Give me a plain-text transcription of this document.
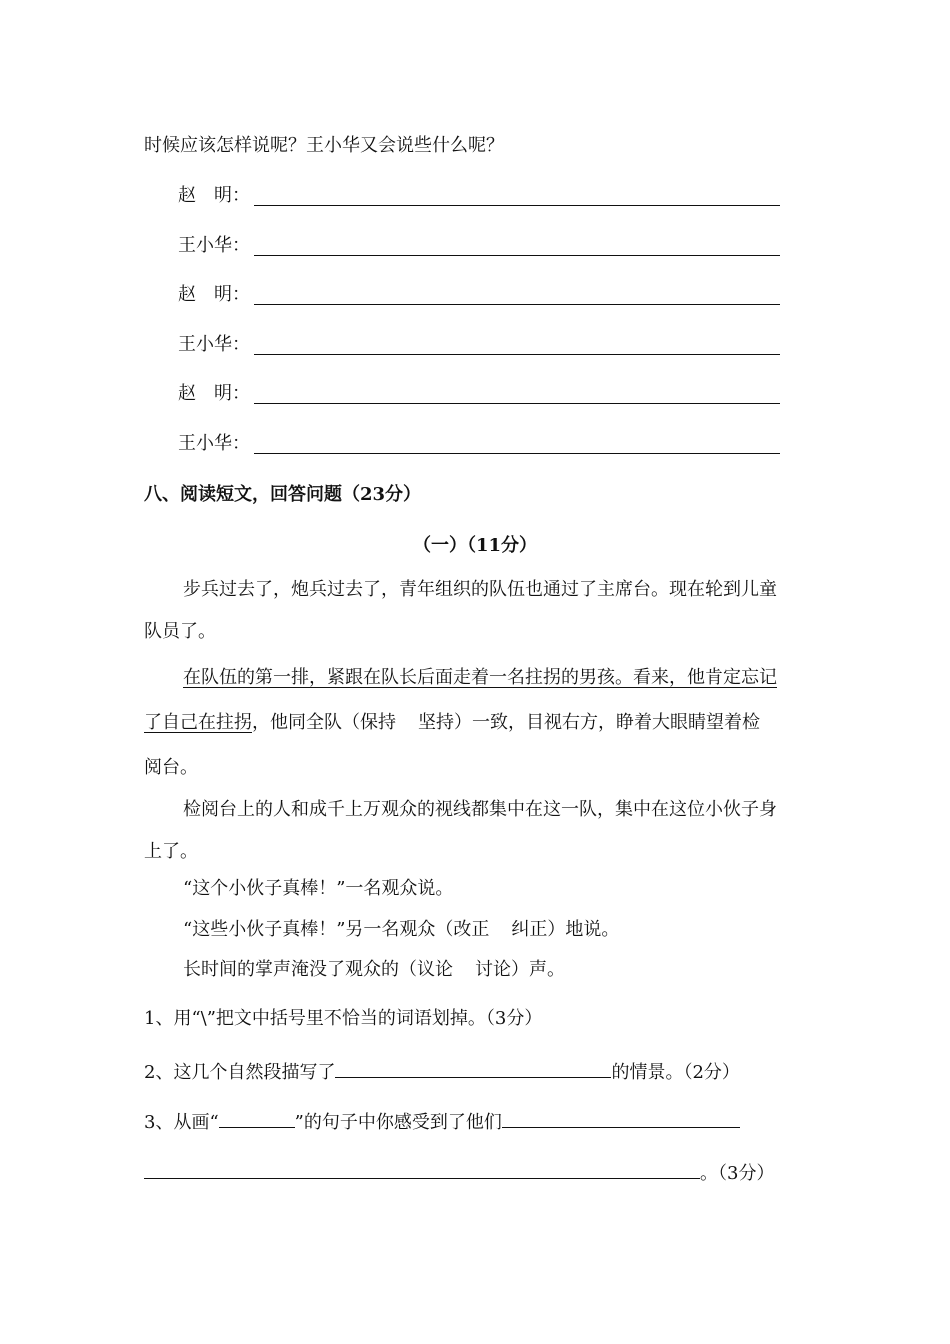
时候应该怎样说呢？王小华又会说些什么呢？
赵　明：
王小华：
赵　明：
王小华：
赵　明：
王小华：
八、阅读短文，回答问题（23分）
（一）（11分）
步兵过去了，炮兵过去了，青年组织的队伍也通过了主席台。现在轮到儿童
队员了。
在队伍的第一排，紧跟在队长后面走着一名拄拐的男孩。看来，他肯定忘记
了自己在拄拐，他同全队（保持 坚持）一致，目视右方，睁着大眼睛望着检
阅台。
检阅台上的人和成千上万观众的视线都集中在这一队，集中在这位小伙子身
上了。
“这个小伙子真棒！”一名观众说。
“这些小伙子真棒！”另一名观众（改正 纠正）地说。
长时间的掌声淹没了观众的（议论 讨论）声。
1、用“\”把文中括号里不恰当的词语划掉。（3分）
2、这几个自然段描写了	的情景。（2分）
3、从画“	”的句子中你感受到了他们
。（3分）
